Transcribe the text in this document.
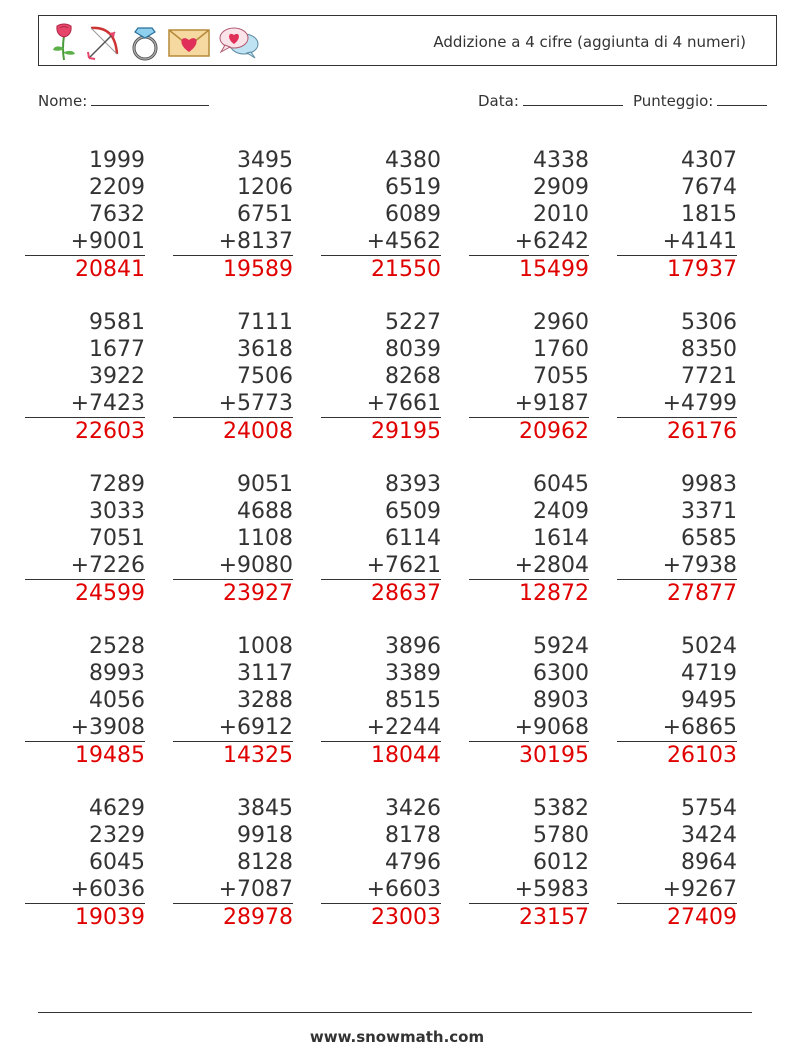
Addizione a 4 cifre (aggiunta di 4 numeri)
Nome:	Data:	Punteggio:
1999
2209
7632
+9001
20841
3495
1206
6751
+8137
19589
4380
6519
6089
+4562
21550
4338
2909
2010
+6242
15499
4307
7674
1815
+4141
17937
9581
1677
3922
+7423
22603
7111
3618
7506
+5773
24008
5227
8039
8268
+7661
29195
2960
1760
7055
+9187
20962
5306
8350
7721
+4799
26176
7289
3033
7051
+7226
24599
9051
4688
1108
+9080
23927
8393
6509
6114
+7621
28637
6045
2409
1614
+2804
12872
9983
3371
6585
+7938
27877
2528
8993
4056
+3908
19485
1008
3117
3288
+6912
14325
3896
3389
8515
+2244
18044
5924
6300
8903
+9068
30195
5024
4719
9495
+6865
26103
4629
2329
6045
+6036
19039
3845
9918
8128
+7087
28978
3426
8178
4796
+6603
23003
5382
5780
6012
+5983
23157
5754
3424
8964
+9267
27409
www.snowmath.com
